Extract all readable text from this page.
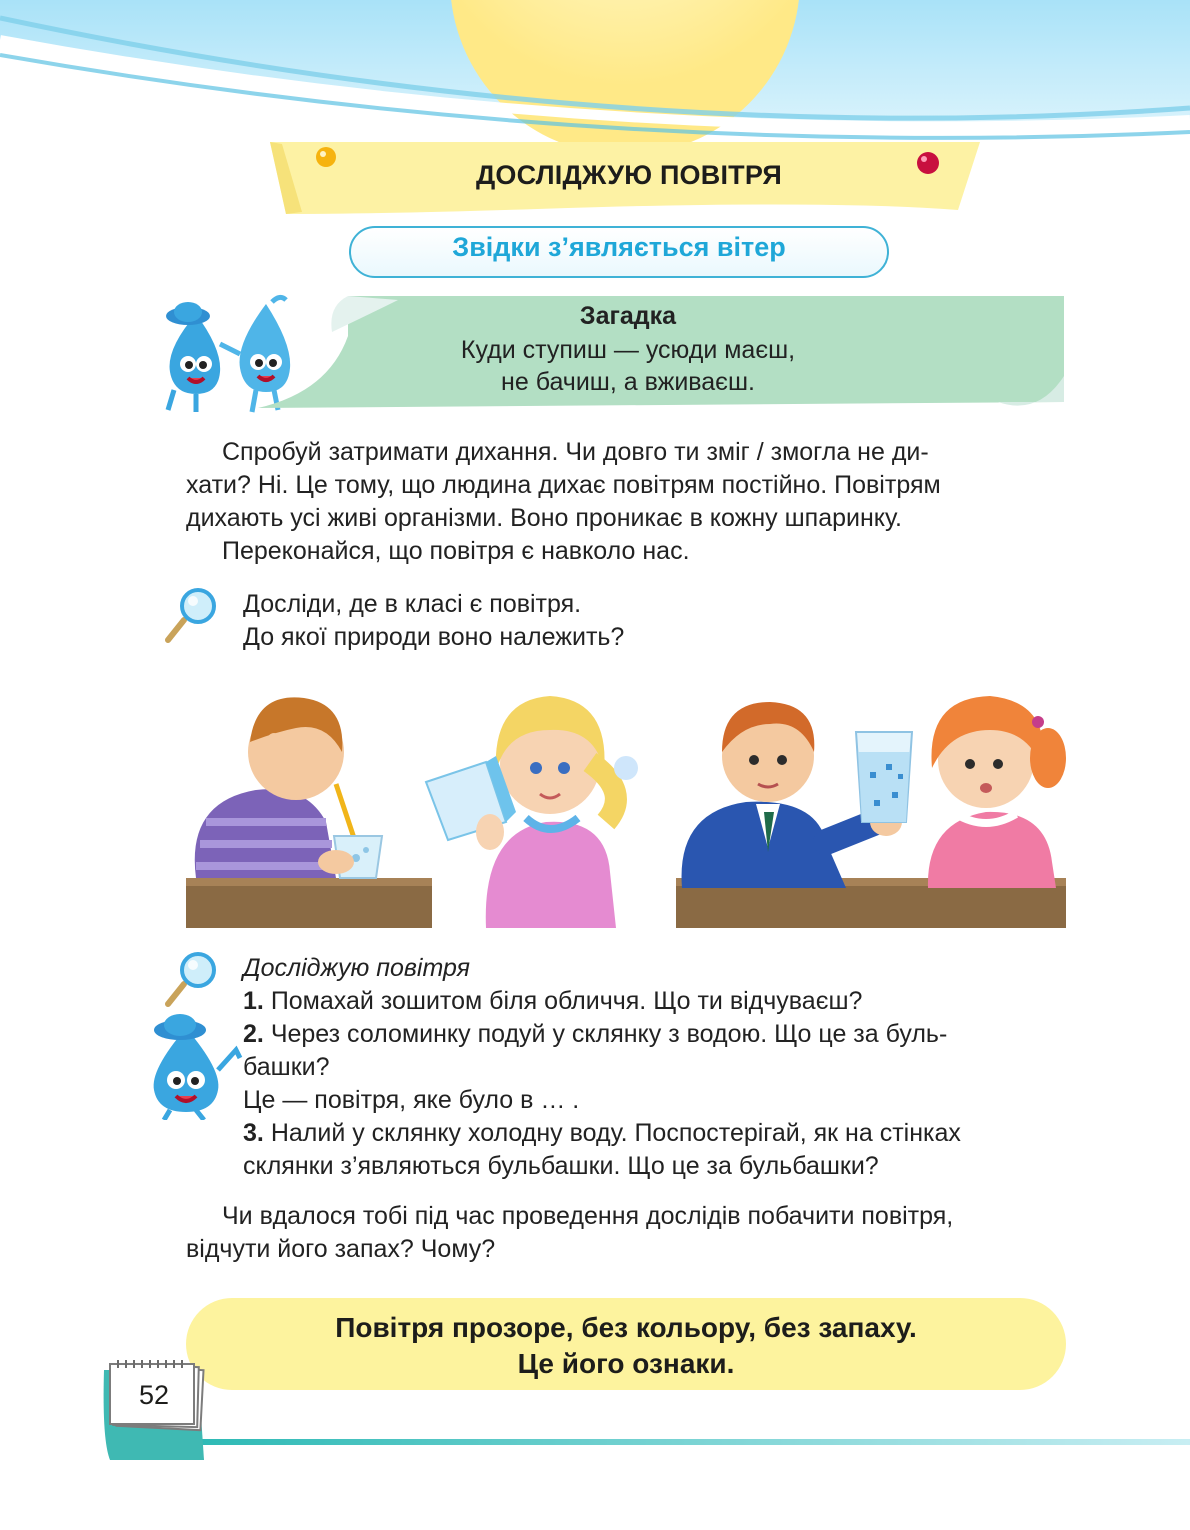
ДОСЛІДЖУЮ ПОВІТРЯ
Звідки з’являється вітер
Загадка
Куди ступиш — усюди маєш,
не бачиш, а вживаєш.
Спробуй затримати дихання. Чи довго ти зміг / змогла не ди-
хати? Ні. Це тому, що людина дихає повітрям постійно. Повітрям
дихають усі живі організми. Воно проникає в кожну шпаринку.
Переконайся, що повітря є навколо нас.
Досліди, де в класі є повітря.
До якої природи воно належить?
Досліджую повітря
1. Помахай зошитом біля обличчя. Що ти відчуваєш?
2. Через соломинку подуй у склянку з водою. Що це за буль-
башки?
Це — повітря, яке було в … .
3. Налий у склянку холодну воду. Поспостерігай, як на стінках
склянки з’являються бульбашки. Що це за бульбашки?
Чи вдалося тобі під час проведення дослідів побачити повітря,
відчути його запах? Чому?
Повітря прозоре, без кольору, без запаху.
Це його ознаки.
52
